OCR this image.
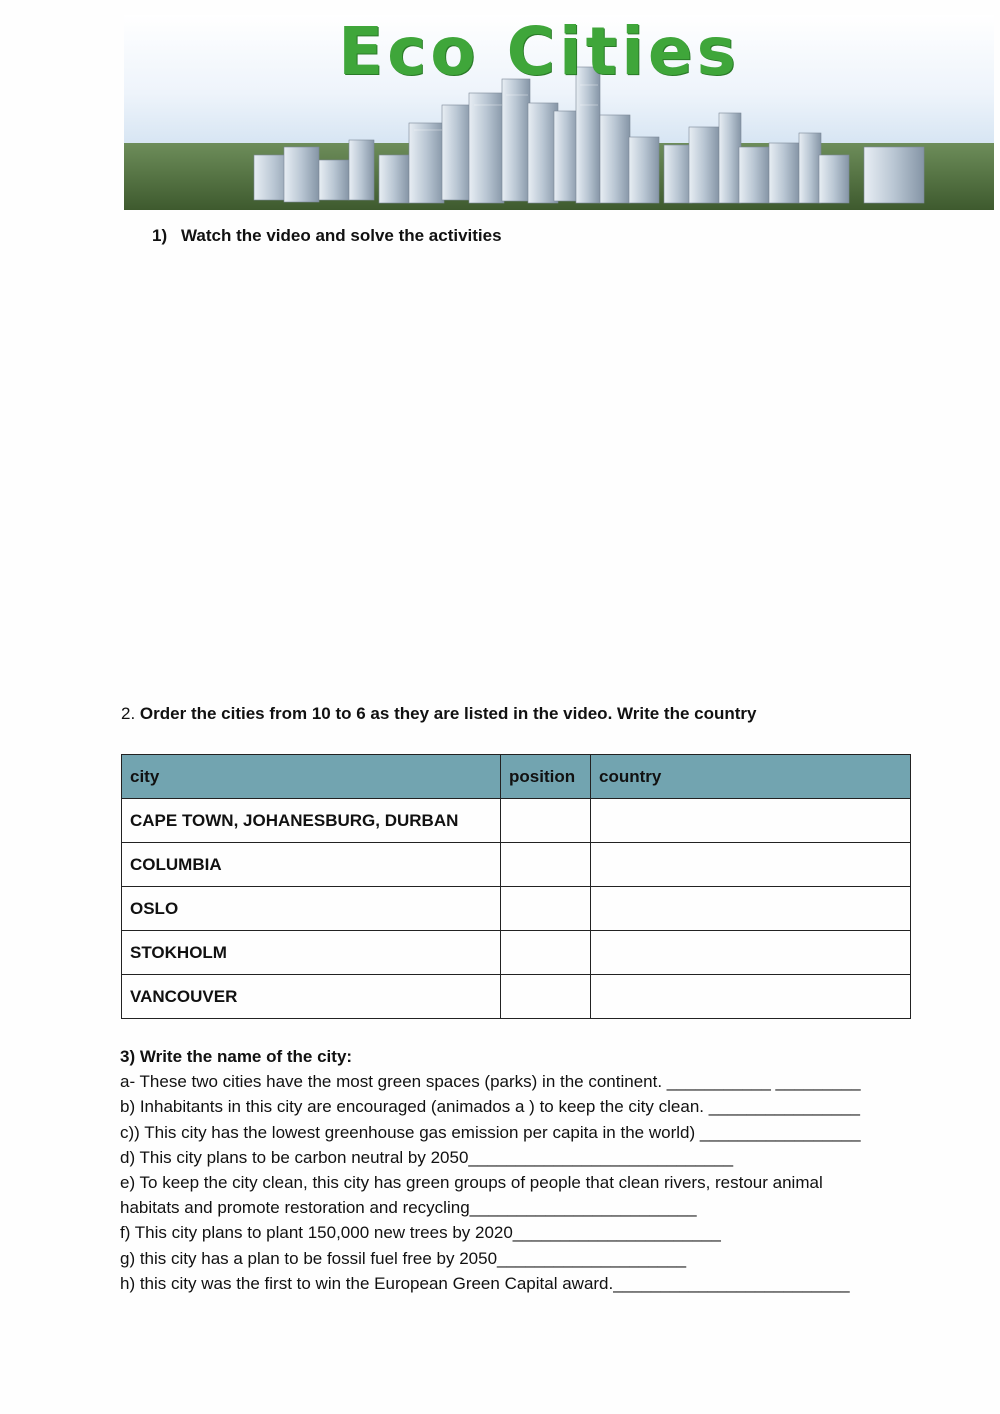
Eco Cities
1) Watch the video and solve the activities
2. Order the cities from 10 to 6 as they are listed in the video. Write the country
city	position	country
CAPE TOWN, JOHANESBURG, DURBAN		
COLUMBIA		
OSLO		
STOKHOLM		
VANCOUVER		
3) Write the name of the city:
a- These two cities have the most green spaces (parks) in the continent. ___________ _________
b) Inhabitants in this city are encouraged (animados a ) to keep the city clean. ________________
c)) This city has the lowest greenhouse gas emission per capita in the world) _________________
d) This city plans to be carbon neutral by 2050____________________________
e) To keep the city clean, this city has green groups of people that clean rivers, restour animal
habitats and promote restoration and recycling________________________
f) This city plans to plant 150,000 new trees by 2020______________________
g) this city has a plan to be fossil fuel free by 2050____________________
h) this city was the first to win the European Green Capital award._________________________
